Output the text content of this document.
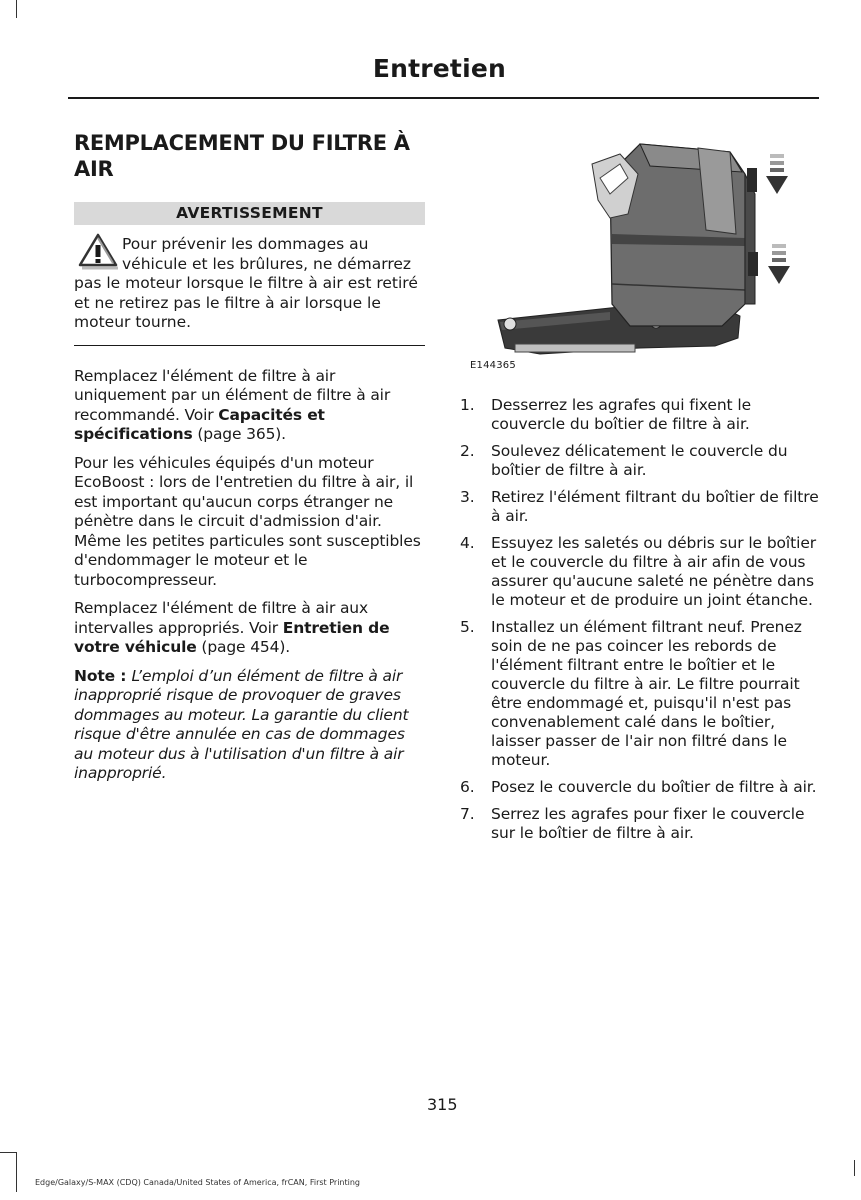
Entretien
REMPLACEMENT DU FILTRE À AIR
AVERTISSEMENT
Pour prévenir les dommages au véhicule et les brûlures, ne démarrez pas le moteur lorsque le filtre à air est retiré et ne retirez pas le filtre à air lorsque le moteur tourne.

Remplacez l'élément de filtre à air uniquement par un élément de filtre à air recommandé. Voir Capacités et spécifications (page 365).

Pour les véhicules équipés d'un moteur EcoBoost : lors de l'entretien du filtre à air, il est important qu'aucun corps étranger ne pénètre dans le circuit d'admission d'air. Même les petites particules sont susceptibles d'endommager le moteur et le turbocompresseur.

Remplacez l'élément de filtre à air aux intervalles appropriés. Voir Entretien de votre véhicule (page 454).

Note : L’emploi d’un élément de filtre à air inapproprié risque de provoquer de graves dommages au moteur. La garantie du client risque d'être annulée en cas de dommages au moteur dus à l'utilisation d'un filtre à air inapproprié.

E144365
1. Desserrez les agrafes qui fixent le couvercle du boîtier de filtre à air.
2. Soulevez délicatement le couvercle du boîtier de filtre à air.
3. Retirez l'élément filtrant du boîtier de filtre à air.
4. Essuyez les saletés ou débris sur le boîtier et le couvercle du filtre à air afin de vous assurer qu'aucune saleté ne pénètre dans le moteur et de produire un joint étanche.
5. Installez un élément filtrant neuf. Prenez soin de ne pas coincer les rebords de l'élément filtrant entre le boîtier et le couvercle du filtre à air. Le filtre pourrait être endommagé et, puisqu'il n'est pas convenablement calé dans le boîtier, laisser passer de l'air non filtré dans le moteur.
6. Posez le couvercle du boîtier de filtre à air.
7. Serrez les agrafes pour fixer le couvercle sur le boîtier de filtre à air.
315
Edge/Galaxy/S-MAX (CDQ) Canada/United States of America, frCAN, First Printing
